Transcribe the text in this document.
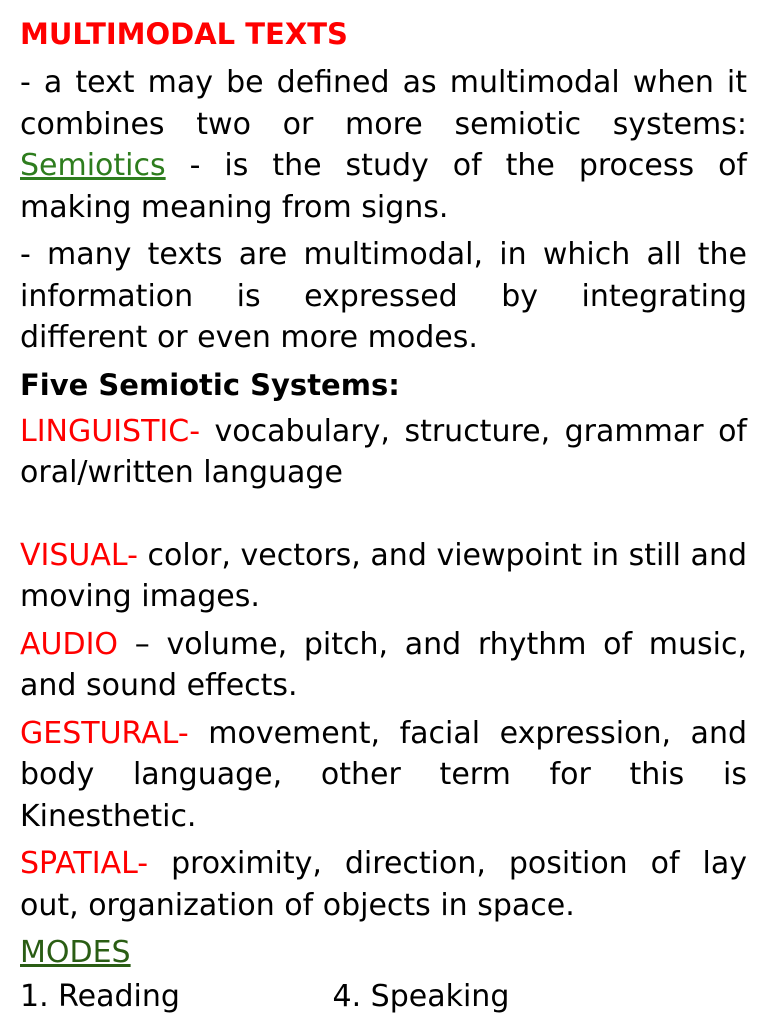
MULTIMODAL TEXTS

- a text may be defined as multimodal when it combines two or more semiotic systems: Semiotics - is the study of the process of making meaning from signs.

- many texts are multimodal, in which all the information is expressed by integrating different or even more modes.

Five Semiotic Systems:

LINGUISTIC- vocabulary, structure, grammar of oral/written language

VISUAL- color, vectors, and viewpoint in still and moving images.

AUDIO – volume, pitch, and rhythm of music, and sound effects.

GESTURAL- movement, facial expression, and body language, other term for this is Kinesthetic.

SPATIAL- proximity, direction, position of lay out, organization of objects in space.

MODES

1. Reading                4. Speaking
